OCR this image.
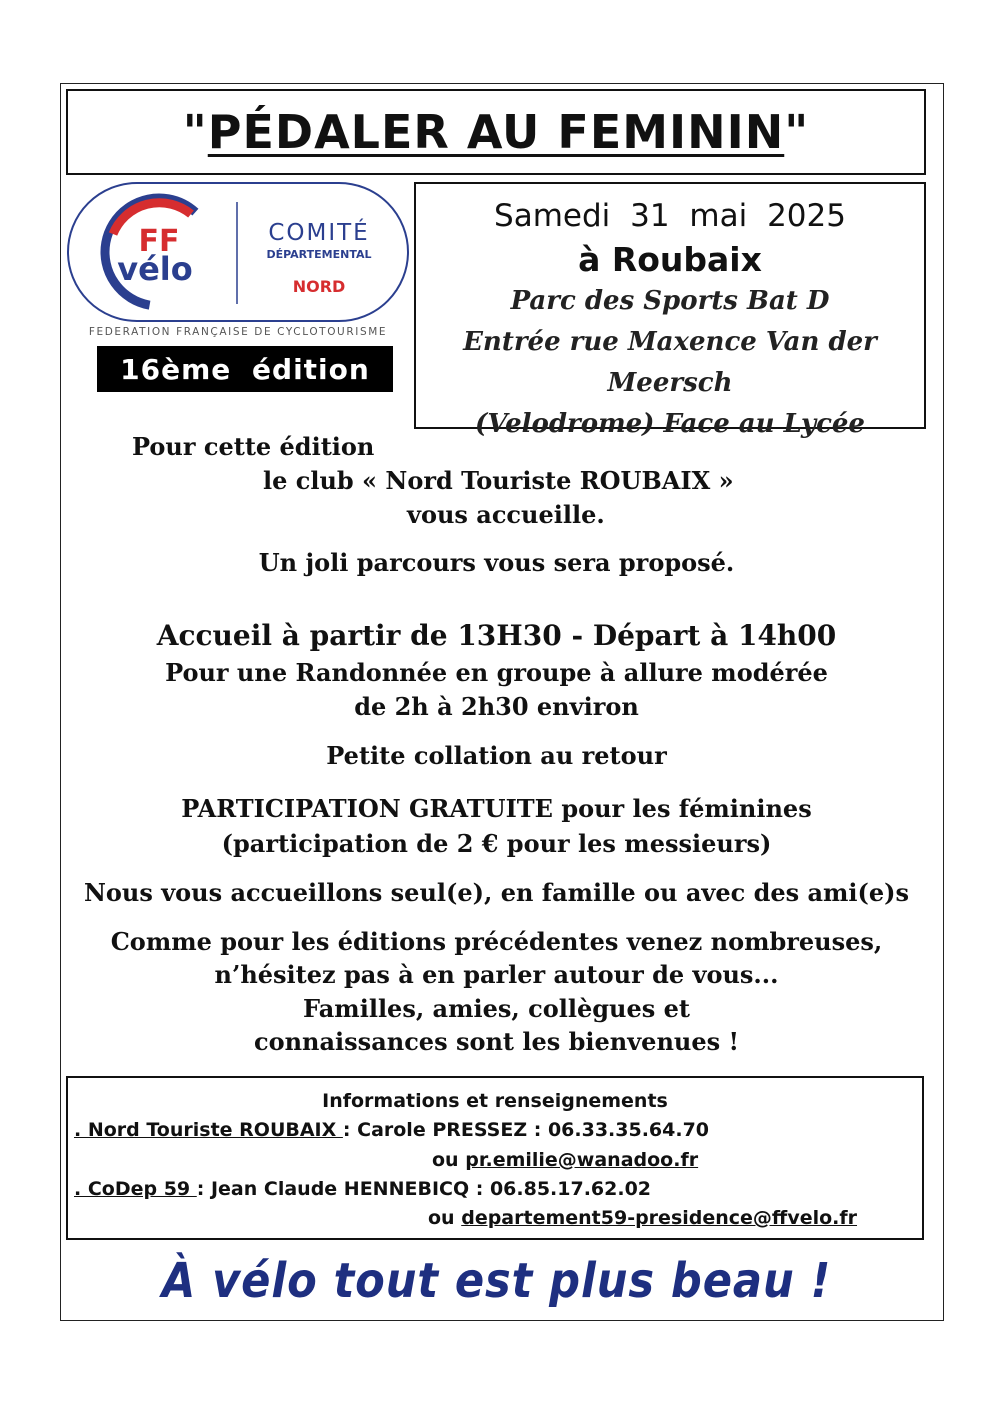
"PÉDALER AU FEMININ"
FF
vélo
COMITÉ
DÉPARTEMENTAL
NORD
FEDERATION FRANÇAISE DE CYCLOTOURISME
16ème édition
Samedi 31 mai 2025
à Roubaix
Parc des Sports Bat D
Entrée rue Maxence Van der Meersch
(Velodrome) Face au Lycée
Pour cette édition
le club « Nord Touriste ROUBAIX »
vous accueille.
Un joli parcours vous sera proposé.
Accueil à partir de 13H30 - Départ à 14h00
Pour une Randonnée en groupe à allure modérée
de 2h à 2h30 environ
Petite collation au retour
PARTICIPATION GRATUITE pour les féminines
(participation de 2 € pour les messieurs)
Nous vous accueillons seul(e), en famille ou avec des ami(e)s
Comme pour les éditions précédentes venez nombreuses,
n’hésitez pas à en parler autour de vous...
Familles, amies, collègues et
connaissances sont les bienvenues !
Informations et renseignements
. Nord Touriste ROUBAIX : Carole PRESSEZ : 06.33.35.64.70
ou pr.emilie@wanadoo.fr
. CoDep 59 : Jean Claude HENNEBICQ : 06.85.17.62.02
ou departement59-presidence@ffvelo.fr
À vélo tout est plus beau !
